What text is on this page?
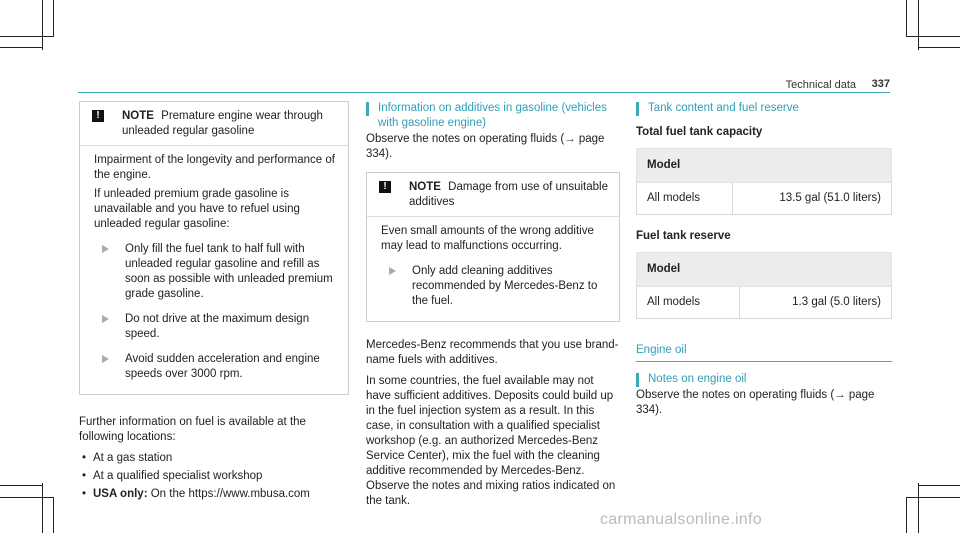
Technical data 337
!	NOTE Premature engine wear through unleaded regular gasoline

Impairment of the longevity and performance of the engine.

If unleaded premium grade gasoline is unavailable and you have to refuel using unleaded regular gasoline:

Only fill the fuel tank to half full with unleaded regular gasoline and refill as soon as possible with unleaded premium grade gasoline.
Do not drive at the maximum design speed.
Avoid sudden acceleration and engine speeds over 3000 rpm.

Further information on fuel is available at the following locations:

• At a gas station
• At a qualified specialist workshop
• USA only: On the https://www.mbusa.com
Information on additives in gasoline (vehicles with gasoline engine)

Observe the notes on operating fluids (→ page 334).

!	NOTE Damage from use of unsuitable additives

Even small amounts of the wrong additive may lead to malfunctions occurring.

Only add cleaning additives recommended by Mercedes-Benz to the fuel.

Mercedes-Benz recommends that you use brand-name fuels with additives.

In some countries, the fuel available may not have sufficient additives. Deposits could build up in the fuel injection system as a result. In this case, in consultation with a qualified specialist workshop (e.g. an authorized Mercedes-Benz Service Center), mix the fuel with the cleaning additive recommended by Mercedes-Benz. Observe the notes and mixing ratios indicated on the tank.

Tank content and fuel reserve
Total fuel tank capacity
Model
All models	13.5 gal (51.0 liters)
Fuel tank reserve
Model
All models	1.3 gal (5.0 liters)
Engine oil
Notes on engine oil

Observe the notes on operating fluids (→ page 334).

carmanualsonline.info
